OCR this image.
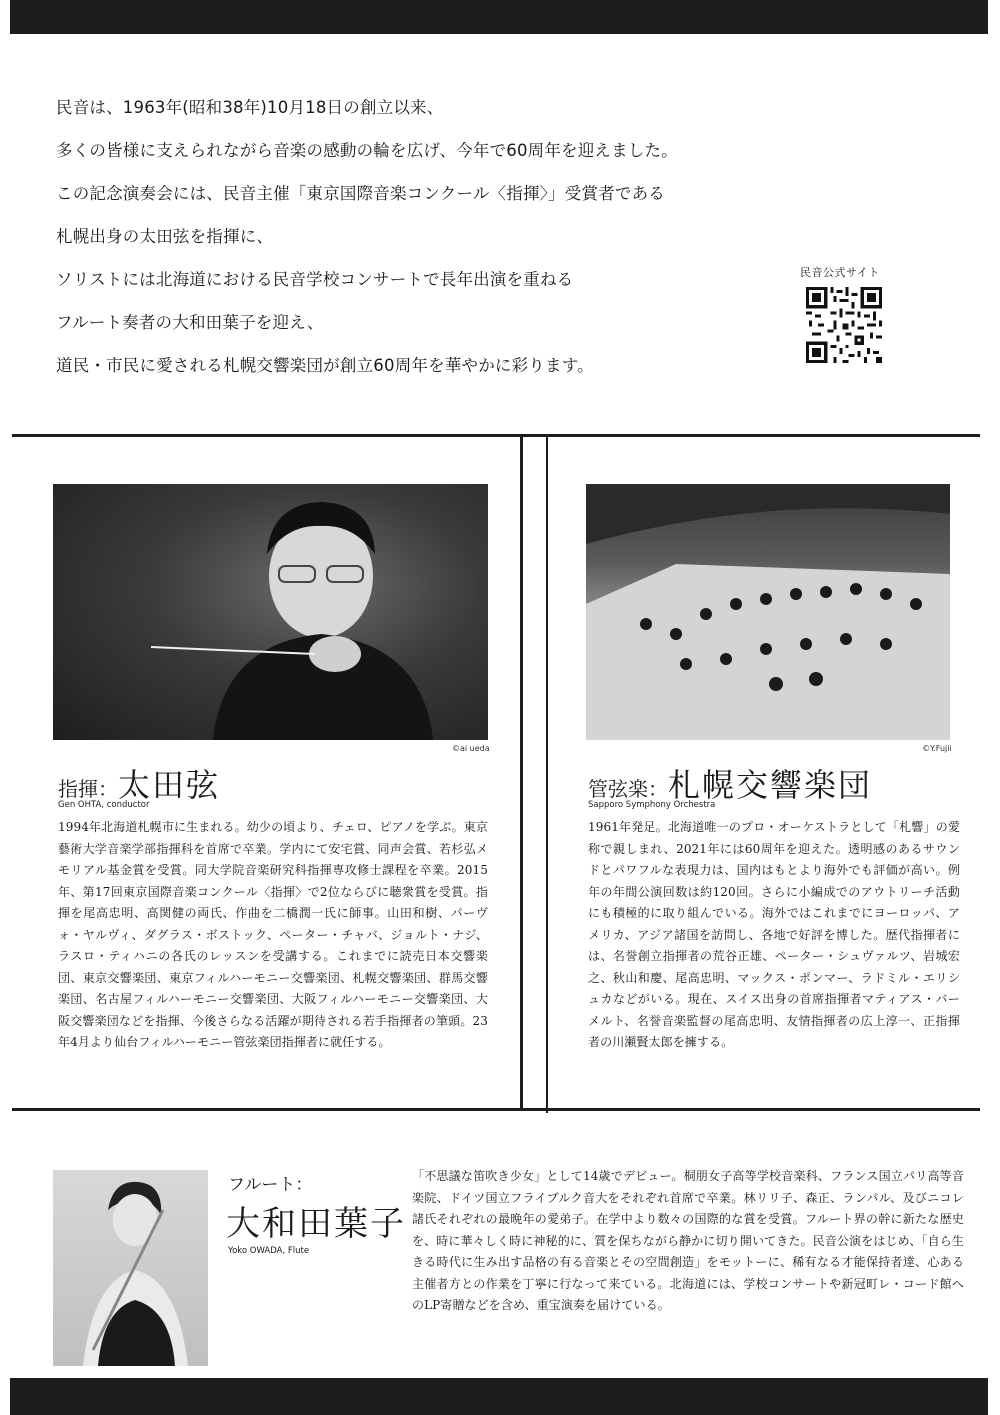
民音は、1963年(昭和38年)10月18日の創立以来、

多くの皆様に支えられながら音楽の感動の輪を広げ、今年で60周年を迎えました。

この記念演奏会には、民音主催「東京国際音楽コンクール〈指揮〉」受賞者である

札幌出身の太田弦を指揮に、

ソリストには北海道における民音学校コンサートで長年出演を重ねる

フルート奏者の大和田葉子を迎え、

道民・市民に愛される札幌交響楽団が創立60周年を華やかに彩ります。

民音公式サイト
©ai ueda
指揮：太田弦
Gen OHTA, conductor
1994年北海道札幌市に生まれる。幼少の頃より、チェロ、ピアノを学ぶ。東京藝術大学音楽学部指揮科を首席で卒業。学内にて安宅賞、同声会賞、若杉弘メモリアル基金賞を受賞。同大学院音楽研究科指揮専攻修士課程を卒業。2015年、第17回東京国際音楽コンクール〈指揮〉で2位ならびに聴衆賞を受賞。指揮を尾高忠明、高関健の両氏、作曲を二橋潤一氏に師事。山田和樹、パーヴォ・ヤルヴィ、ダグラス・ボストック、ペーター・チャバ、ジョルト・ナジ、ラスロ・ティハニの各氏のレッスンを受講する。これまでに読売日本交響楽団、東京交響楽団、東京フィルハーモニー交響楽団、札幌交響楽団、群馬交響楽団、名古屋フィルハーモニー交響楽団、大阪フィルハーモニー交響楽団、大阪交響楽団などを指揮、今後さらなる活躍が期待される若手指揮者の筆頭。23年4月より仙台フィルハーモニー管弦楽団指揮者に就任する。
©Y.Fujii
管弦楽：札幌交響楽団
Sapporo Symphony Orchestra
1961年発足。北海道唯一のプロ・オーケストラとして「札響」の愛称で親しまれ、2021年には60周年を迎えた。透明感のあるサウンドとパワフルな表現力は、国内はもとより海外でも評価が高い。例年の年間公演回数は約120回。さらに小編成でのアウトリーチ活動にも積極的に取り組んでいる。海外ではこれまでにヨーロッパ、アメリカ、アジア諸国を訪問し、各地で好評を博した。歴代指揮者には、名誉創立指揮者の荒谷正雄、ペーター・シュヴァルツ、岩城宏之、秋山和慶、尾高忠明、マックス・ポンマー、ラドミル・エリシュカなどがいる。現在、スイス出身の首席指揮者マティアス・バーメルト、名誉音楽監督の尾高忠明、友情指揮者の広上淳一、正指揮者の川瀬賢太郎を擁する。
フルート：
大和田葉子
Yoko OWADA, Flute
「不思議な笛吹き少女」として14歳でデビュー。桐朋女子高等学校音楽科、フランス国立パリ高等音楽院、ドイツ国立フライブルク音大をそれぞれ首席で卒業。林リリ子、森正、ランパル、及びニコレ諸氏それぞれの最晩年の愛弟子。在学中より数々の国際的な賞を受賞。フルート界の幹に新たな歴史を、時に華々しく時に神秘的に、質を保ちながら静かに切り開いてきた。民音公演をはじめ、「自ら生きる時代に生み出す品格の有る音楽とその空間創造」をモットーに、稀有なる才能保持者達、心ある主催者方との作業を丁寧に行なって来ている。北海道には、学校コンサートや新冠町レ・コード館へのLP寄贈などを含め、重宝演奏を届けている。
